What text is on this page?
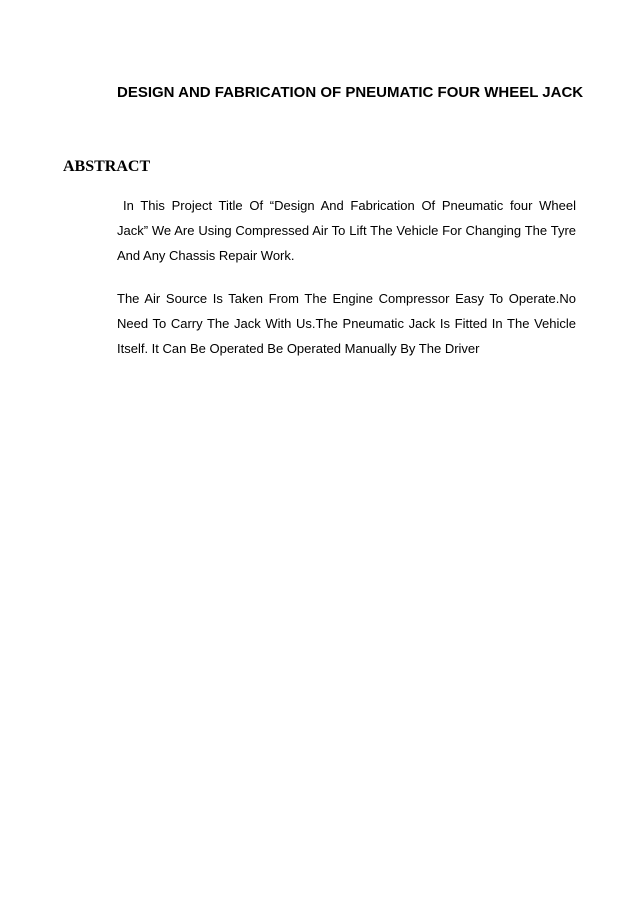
DESIGN AND FABRICATION OF PNEUMATIC FOUR WHEEL JACK
ABSTRACT

In This Project Title Of “Design And Fabrication Of Pneumatic four Wheel Jack” We Are Using Compressed Air To Lift The Vehicle For Changing The Tyre And Any Chassis Repair Work.

The Air Source Is Taken From The Engine Compressor Easy To Operate.No Need To Carry The Jack With Us.The Pneumatic Jack Is Fitted In The Vehicle Itself. It Can Be Operated Be Operated Manually By The Driver
